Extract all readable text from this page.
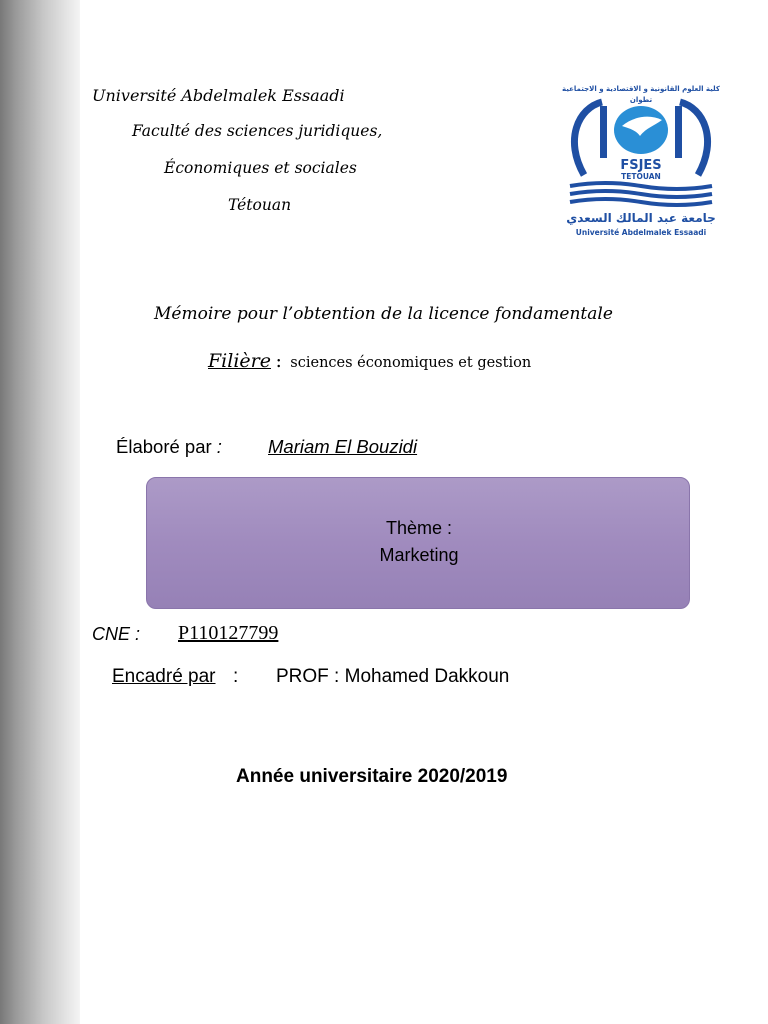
Université Abdelmalek Essaadi
Faculté des sciences juridiques,
Économiques et sociales
Tétouan
كلية العلوم القانونية و الاقتصادية و الاجتماعية
تطوان
FSJES
TETOUAN
جامعة عبد المالك السعدي
Université Abdelmalek Essaadi
Mémoire pour l’obtention de la licence fondamentale
Filière : sciences économiques et gestion
Élaboré par : Mariam El Bouzidi
Thème :
Marketing
CNE : P110127799
Encadré par : PROF : Mohamed Dakkoun
Année universitaire 2020/2019
